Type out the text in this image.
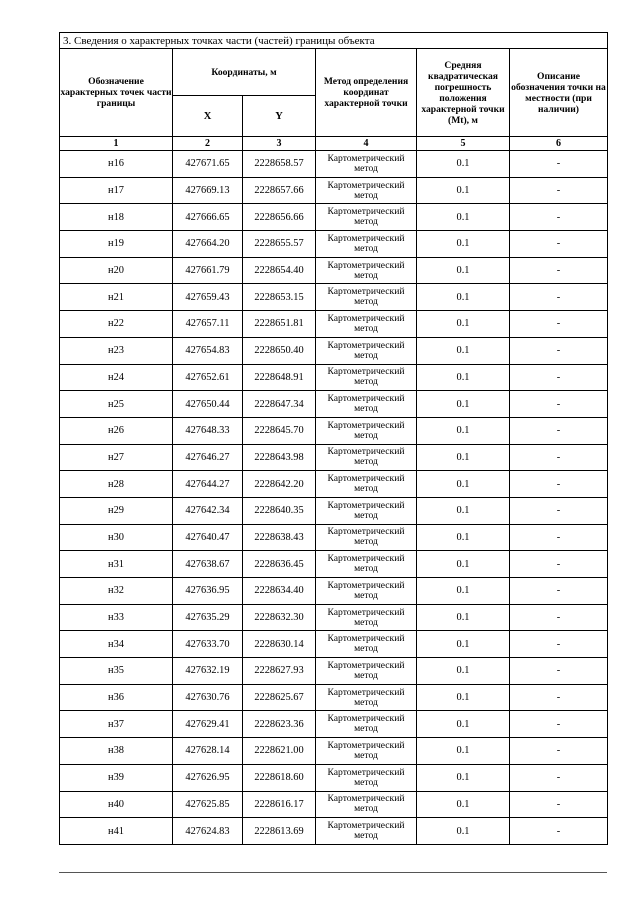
3. Сведения о характерных точках части (частей) границы объекта					
Обозначение характерных точек части границы	Координаты, м		Метод определения координат характерной точки	Средняя квадратическая погрешность положения характерной точки (Mt), м	Описание обозначения точки на местности (при наличии)
	X	Y			
1	2	3	4	5	6
н16	427671.65	2228658.57	Картометрический метод	0.1	-
н17	427669.13	2228657.66	Картометрический метод	0.1	-
н18	427666.65	2228656.66	Картометрический метод	0.1	-
н19	427664.20	2228655.57	Картометрический метод	0.1	-
н20	427661.79	2228654.40	Картометрический метод	0.1	-
н21	427659.43	2228653.15	Картометрический метод	0.1	-
н22	427657.11	2228651.81	Картометрический метод	0.1	-
н23	427654.83	2228650.40	Картометрический метод	0.1	-
н24	427652.61	2228648.91	Картометрический метод	0.1	-
н25	427650.44	2228647.34	Картометрический метод	0.1	-
н26	427648.33	2228645.70	Картометрический метод	0.1	-
н27	427646.27	2228643.98	Картометрический метод	0.1	-
н28	427644.27	2228642.20	Картометрический метод	0.1	-
н29	427642.34	2228640.35	Картометрический метод	0.1	-
н30	427640.47	2228638.43	Картометрический метод	0.1	-
н31	427638.67	2228636.45	Картометрический метод	0.1	-
н32	427636.95	2228634.40	Картометрический метод	0.1	-
н33	427635.29	2228632.30	Картометрический метод	0.1	-
н34	427633.70	2228630.14	Картометрический метод	0.1	-
н35	427632.19	2228627.93	Картометрический метод	0.1	-
н36	427630.76	2228625.67	Картометрический метод	0.1	-
н37	427629.41	2228623.36	Картометрический метод	0.1	-
н38	427628.14	2228621.00	Картометрический метод	0.1	-
н39	427626.95	2228618.60	Картометрический метод	0.1	-
н40	427625.85	2228616.17	Картометрический метод	0.1	-
н41	427624.83	2228613.69	Картометрический метод	0.1	-
